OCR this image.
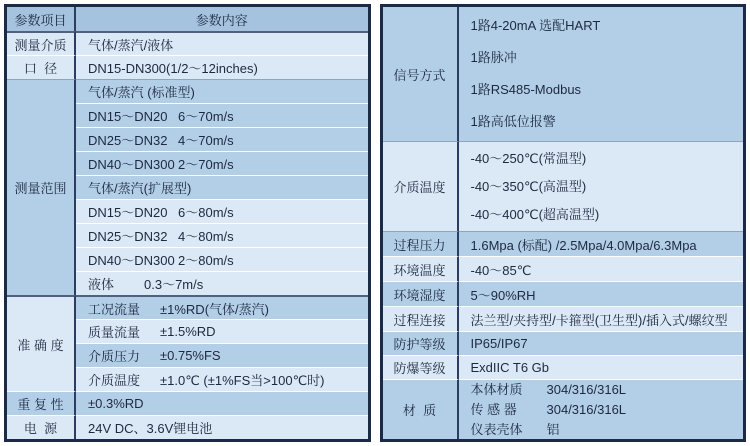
参数项目	参数内容
测量介质	气体/蒸汽/液体
口  径	DN15-DN300(1/2～12inches)
测量范围
气体/蒸汽 (标准型)
DN15～DN20 6～70m/s
DN25～DN32 4～70m/s
DN40～DN300 2～70m/s
气体/蒸汽(扩展型)
DN15～DN20 6～80m/s
DN25～DN32 4～80m/s
DN40～DN300 2～80m/s
液体	0.3～7m/s
准 确 度
工况流量	±1%RD(气体/蒸汽)
质量流量	±1.5%RD
介质压力	±0.75%FS
介质温度	±1.0℃ (±1%FS当>100℃时)
重 复 性	±0.3%RD
电  源	24V DC、3.6V锂电池
信号方式
1路4-20mA 选配HART
1路脉冲
1路RS485-Modbus
1路高低位报警
介质温度
-40～250℃(常温型)
-40～350℃(高温型)
-40～400℃(超高温型)
过程压力	1.6Mpa (标配) /2.5Mpa/4.0Mpa/6.3Mpa
环境温度	-40～85℃
环境湿度	5～90%RH
过程连接	法兰型/夹持型/卡箍型(卫生型)/插入式/螺纹型
防护等级	IP65/IP67
防爆等级	ExdIIC T6 Gb
材  质
本体材质 304/316/316L
传 感 器 304/316/316L
仪表壳体 铝
